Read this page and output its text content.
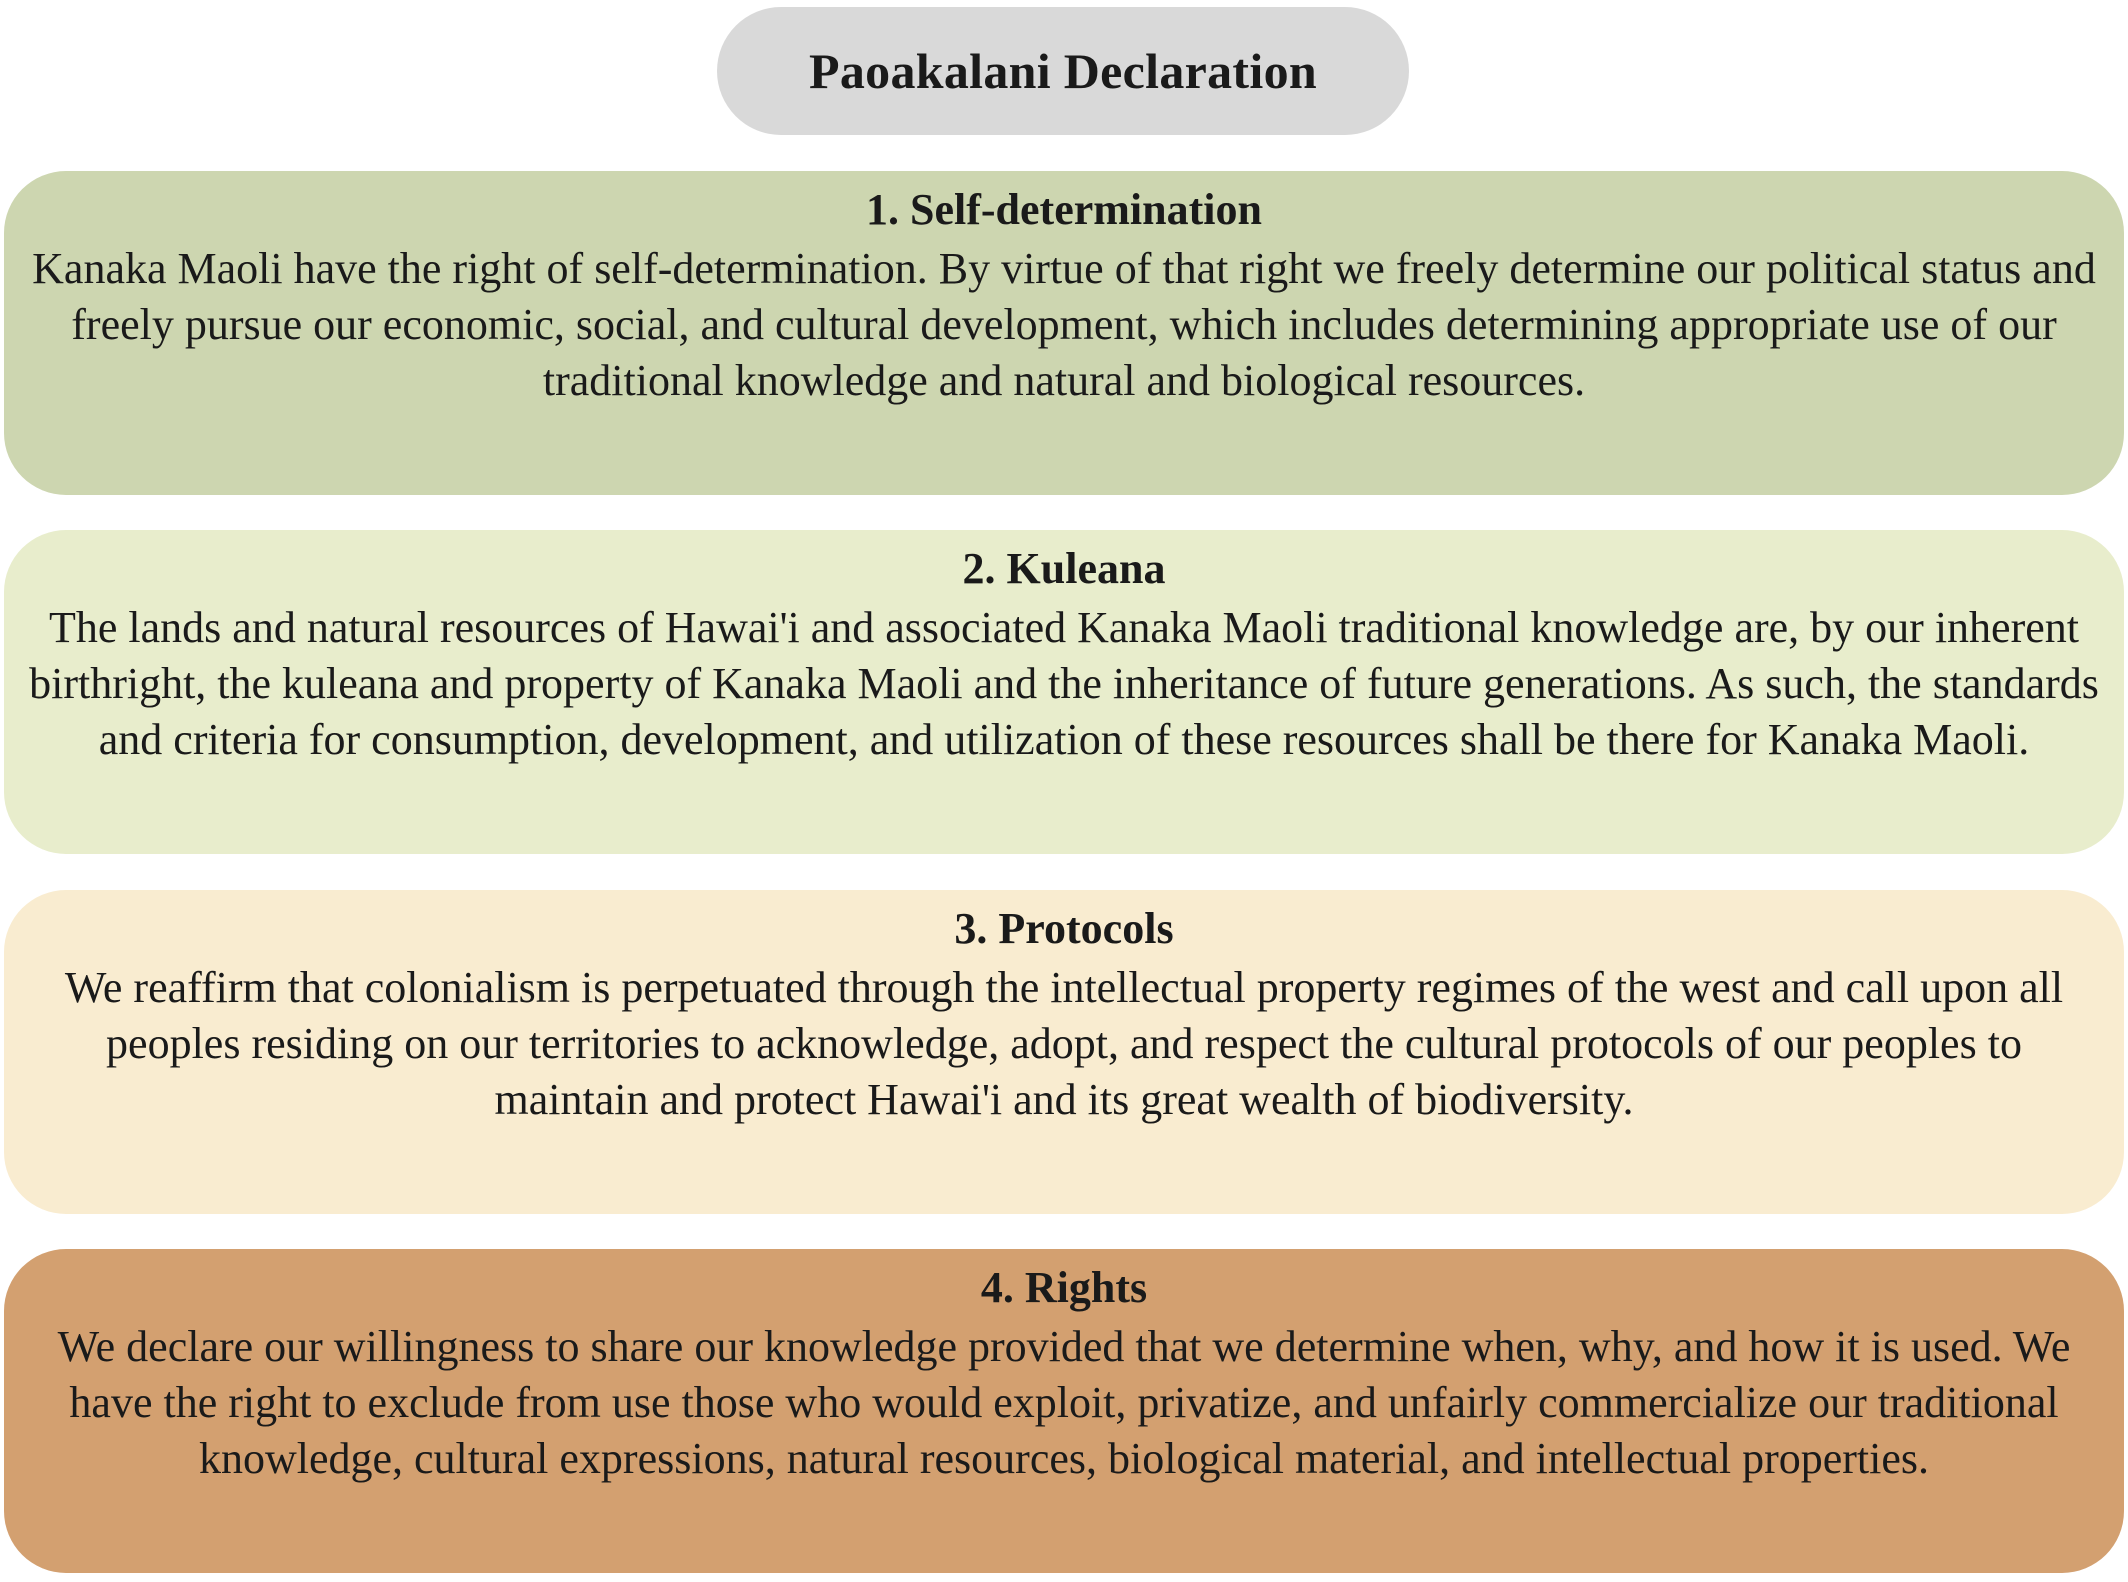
Paoakalani Declaration

1. Self-determination

Kanaka Maoli have the right of self-determination. By virtue of that right we freely determine our political status and freely pursue our economic, social, and cultural development, which includes determining appropriate use of our traditional knowledge and natural and biological resources.

2. Kuleana

The lands and natural resources of Hawai'i and associated Kanaka Maoli traditional knowledge are, by our inherent birthright, the kuleana and property of Kanaka Maoli and the inheritance of future generations. As such, the standards and criteria for consumption, development, and utilization of these resources shall be there for Kanaka Maoli.

3. Protocols

We reaffirm that colonialism is perpetuated through the intellectual property regimes of the west and call upon all peoples residing on our territories to acknowledge, adopt, and respect the cultural protocols of our peoples to maintain and protect Hawai'i and its great wealth of biodiversity.

4. Rights

We declare our willingness to share our knowledge provided that we determine when, why, and how it is used. We have the right to exclude from use those who would exploit, privatize, and unfairly commercialize our traditional knowledge, cultural expressions, natural resources, biological material, and intellectual properties.
